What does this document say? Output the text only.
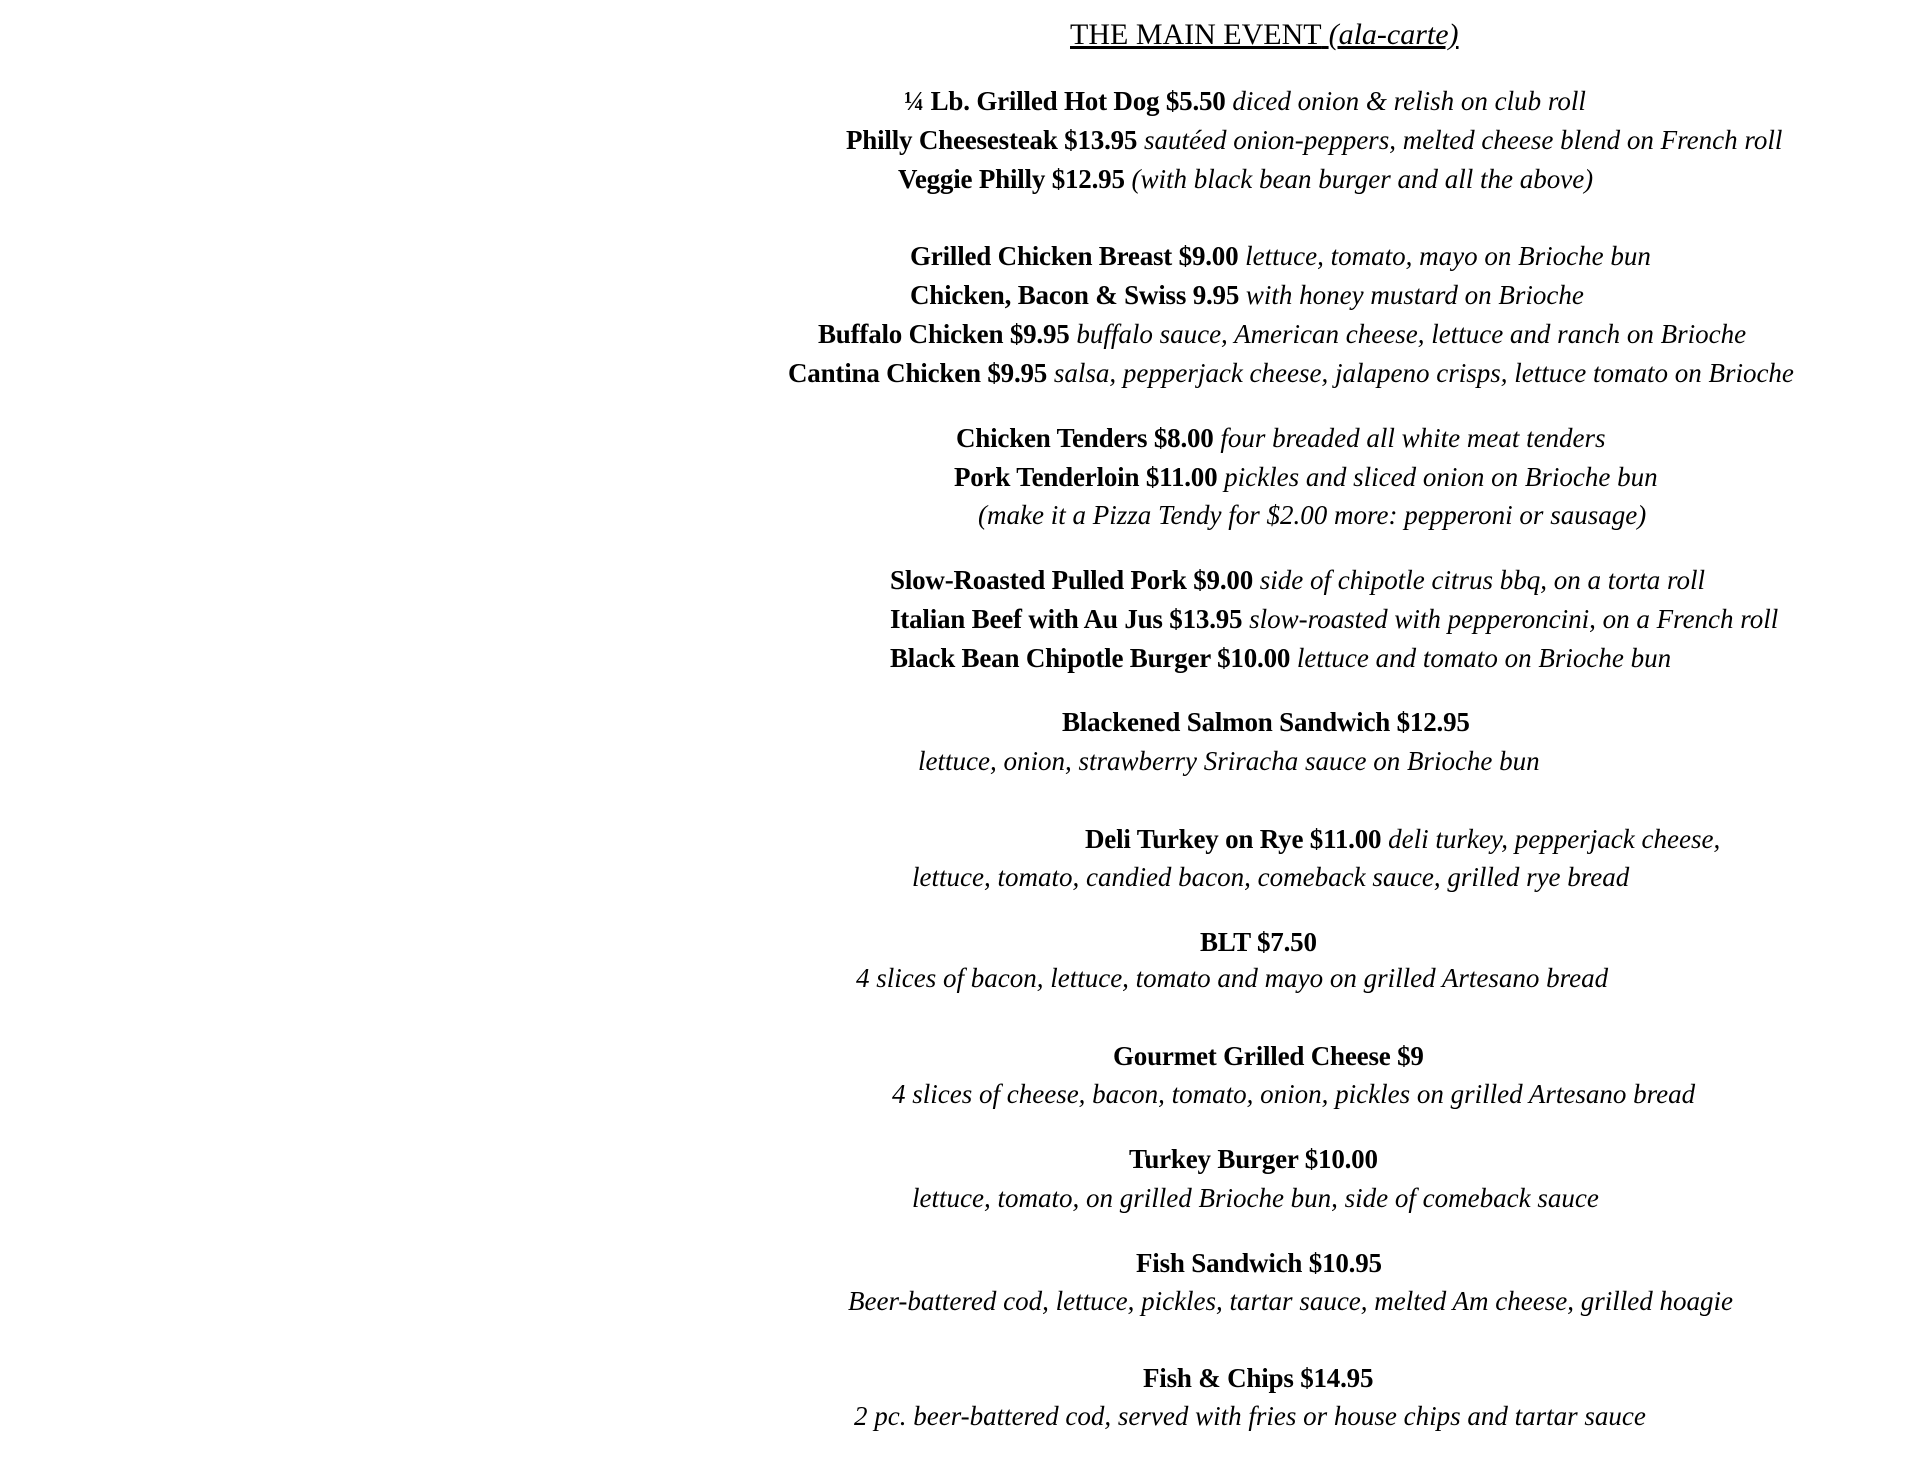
THE MAIN EVENT (ala-carte)
¼ Lb. Grilled Hot Dog $5.50 diced onion & relish on club roll
Philly Cheesesteak $13.95 sautéed onion-peppers, melted cheese blend on French roll
Veggie Philly $12.95 (with black bean burger and all the above)
Grilled Chicken Breast $9.00 lettuce, tomato, mayo on Brioche bun
Chicken, Bacon & Swiss 9.95 with honey mustard on Brioche
Buffalo Chicken $9.95 buffalo sauce, American cheese, lettuce and ranch on Brioche
Cantina Chicken $9.95 salsa, pepperjack cheese, jalapeno crisps, lettuce tomato on Brioche
Chicken Tenders $8.00 four breaded all white meat tenders
Pork Tenderloin $11.00 pickles and sliced onion on Brioche bun
(make it a Pizza Tendy for $2.00 more: pepperoni or sausage)
Slow-Roasted Pulled Pork $9.00 side of chipotle citrus bbq, on a torta roll
Italian Beef with Au Jus $13.95 slow-roasted with pepperoncini, on a French roll
Black Bean Chipotle Burger $10.00 lettuce and tomato on Brioche bun
Blackened Salmon Sandwich $12.95
lettuce, onion, strawberry Sriracha sauce on Brioche bun
Deli Turkey on Rye $11.00 deli turkey, pepperjack cheese,
lettuce, tomato, candied bacon, comeback sauce, grilled rye bread
BLT $7.50
4 slices of bacon, lettuce, tomato and mayo on grilled Artesano bread
Gourmet Grilled Cheese $9
4 slices of cheese, bacon, tomato, onion, pickles on grilled Artesano bread
Turkey Burger $10.00
lettuce, tomato, on grilled Brioche bun, side of comeback sauce
Fish Sandwich $10.95
Beer-battered cod, lettuce, pickles, tartar sauce, melted Am cheese, grilled hoagie
Fish & Chips $14.95
2 pc. beer-battered cod, served with fries or house chips and tartar sauce
